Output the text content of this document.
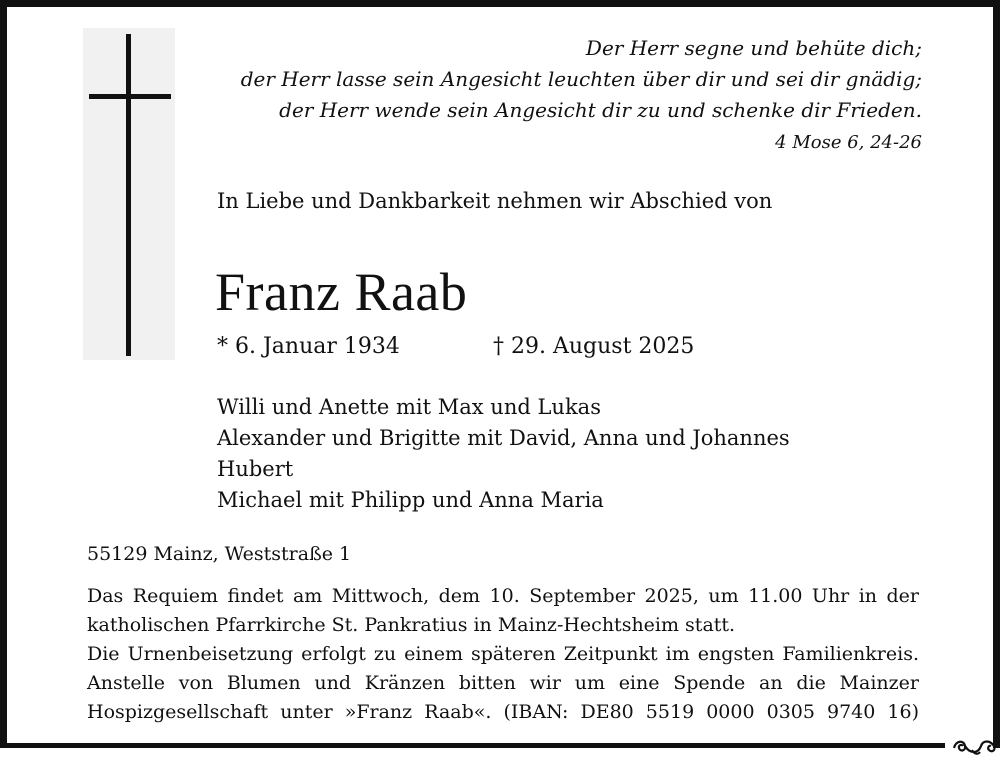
Der Herr segne und behüte dich;
der Herr lasse sein Angesicht leuchten über dir und sei dir gnädig;
der Herr wende sein Angesicht dir zu und schenke dir Frieden.
4 Mose 6, 24-26
In Liebe und Dankbarkeit nehmen wir Abschied von
Franz Raab
* 6. Januar 1934	† 29. August 2025
Willi und Anette mit Max und Lukas
Alexander und Brigitte mit David, Anna und Johannes
Hubert
Michael mit Philipp und Anna Maria
55129 Mainz, Weststraße 1
Das Requiem findet am Mittwoch, dem 10. September 2025, um 11.00 Uhr in der
katholischen Pfarrkirche St. Pankratius in Mainz-Hechtsheim statt.
Die Urnenbeisetzung erfolgt zu einem späteren Zeitpunkt im engsten Familienkreis.
Anstelle von Blumen und Kränzen bitten wir um eine Spende an die Mainzer
Hospizgesellschaft unter »Franz Raab«. (IBAN: DE80 5519 0000 0305 9740 16)
